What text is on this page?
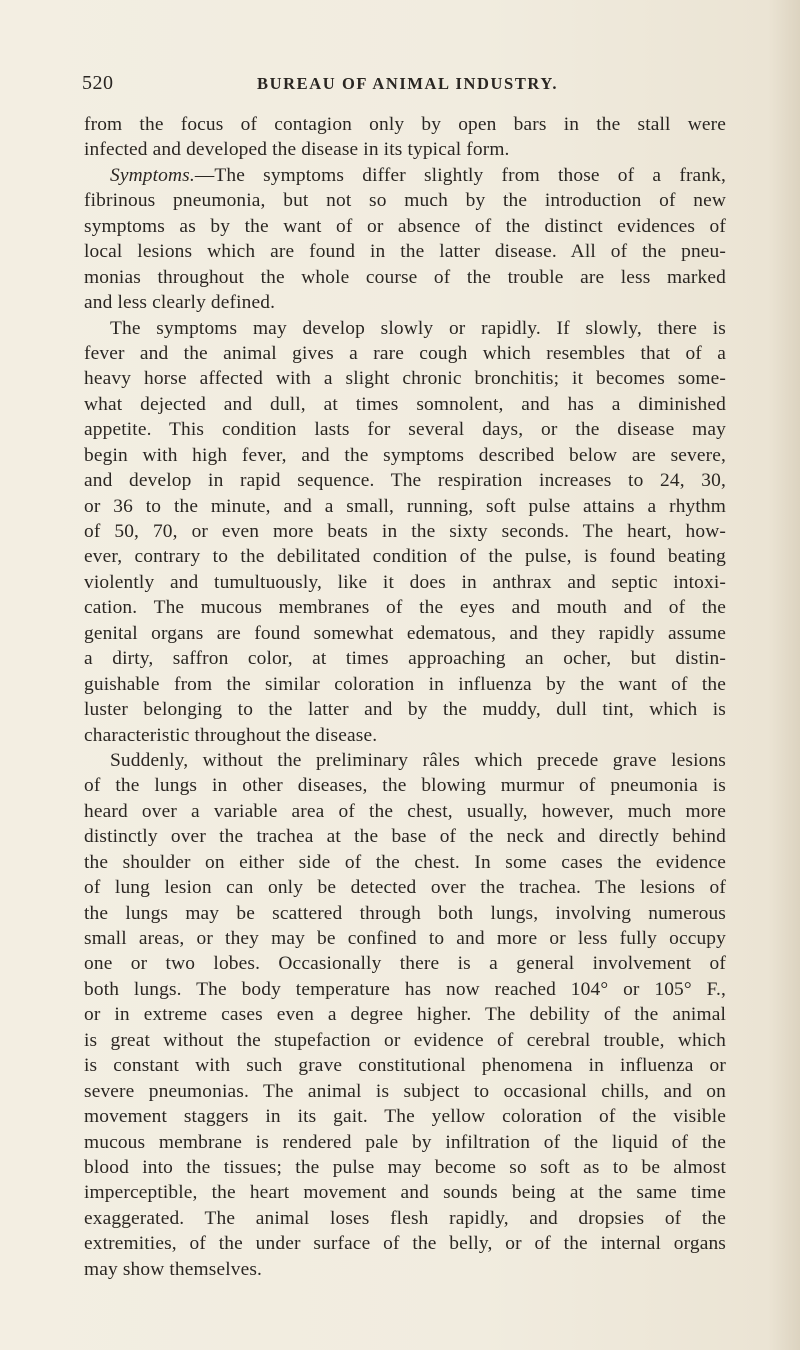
520	BUREAU OF ANIMAL INDUSTRY.
from the focus of contagion only by open bars in the stall were
infected and developed the disease in its typical form.
Symptoms.—The symptoms differ slightly from those of a frank,
fibrinous pneumonia, but not so much by the introduction of new
symptoms as by the want of or absence of the distinct evidences of
local lesions which are found in the latter disease. All of the pneu-
monias throughout the whole course of the trouble are less marked
and less clearly defined.
The symptoms may develop slowly or rapidly. If slowly, there is
fever and the animal gives a rare cough which resembles that of a
heavy horse affected with a slight chronic bronchitis; it becomes some-
what dejected and dull, at times somnolent, and has a diminished
appetite. This condition lasts for several days, or the disease may
begin with high fever, and the symptoms described below are severe,
and develop in rapid sequence. The respiration increases to 24, 30,
or 36 to the minute, and a small, running, soft pulse attains a rhythm
of 50, 70, or even more beats in the sixty seconds. The heart, how-
ever, contrary to the debilitated condition of the pulse, is found beating
violently and tumultuously, like it does in anthrax and septic intoxi-
cation. The mucous membranes of the eyes and mouth and of the
genital organs are found somewhat edematous, and they rapidly assume
a dirty, saffron color, at times approaching an ocher, but distin-
guishable from the similar coloration in influenza by the want of the
luster belonging to the latter and by the muddy, dull tint, which is
characteristic throughout the disease.
Suddenly, without the preliminary râles which precede grave lesions
of the lungs in other diseases, the blowing murmur of pneumonia is
heard over a variable area of the chest, usually, however, much more
distinctly over the trachea at the base of the neck and directly behind
the shoulder on either side of the chest. In some cases the evidence
of lung lesion can only be detected over the trachea. The lesions of
the lungs may be scattered through both lungs, involving numerous
small areas, or they may be confined to and more or less fully occupy
one or two lobes. Occasionally there is a general involvement of
both lungs. The body temperature has now reached 104° or 105° F.,
or in extreme cases even a degree higher. The debility of the animal
is great without the stupefaction or evidence of cerebral trouble, which
is constant with such grave constitutional phenomena in influenza or
severe pneumonias. The animal is subject to occasional chills, and on
movement staggers in its gait. The yellow coloration of the visible
mucous membrane is rendered pale by infiltration of the liquid of the
blood into the tissues; the pulse may become so soft as to be almost
imperceptible, the heart movement and sounds being at the same time
exaggerated. The animal loses flesh rapidly, and dropsies of the
extremities, of the under surface of the belly, or of the internal organs
may show themselves.
